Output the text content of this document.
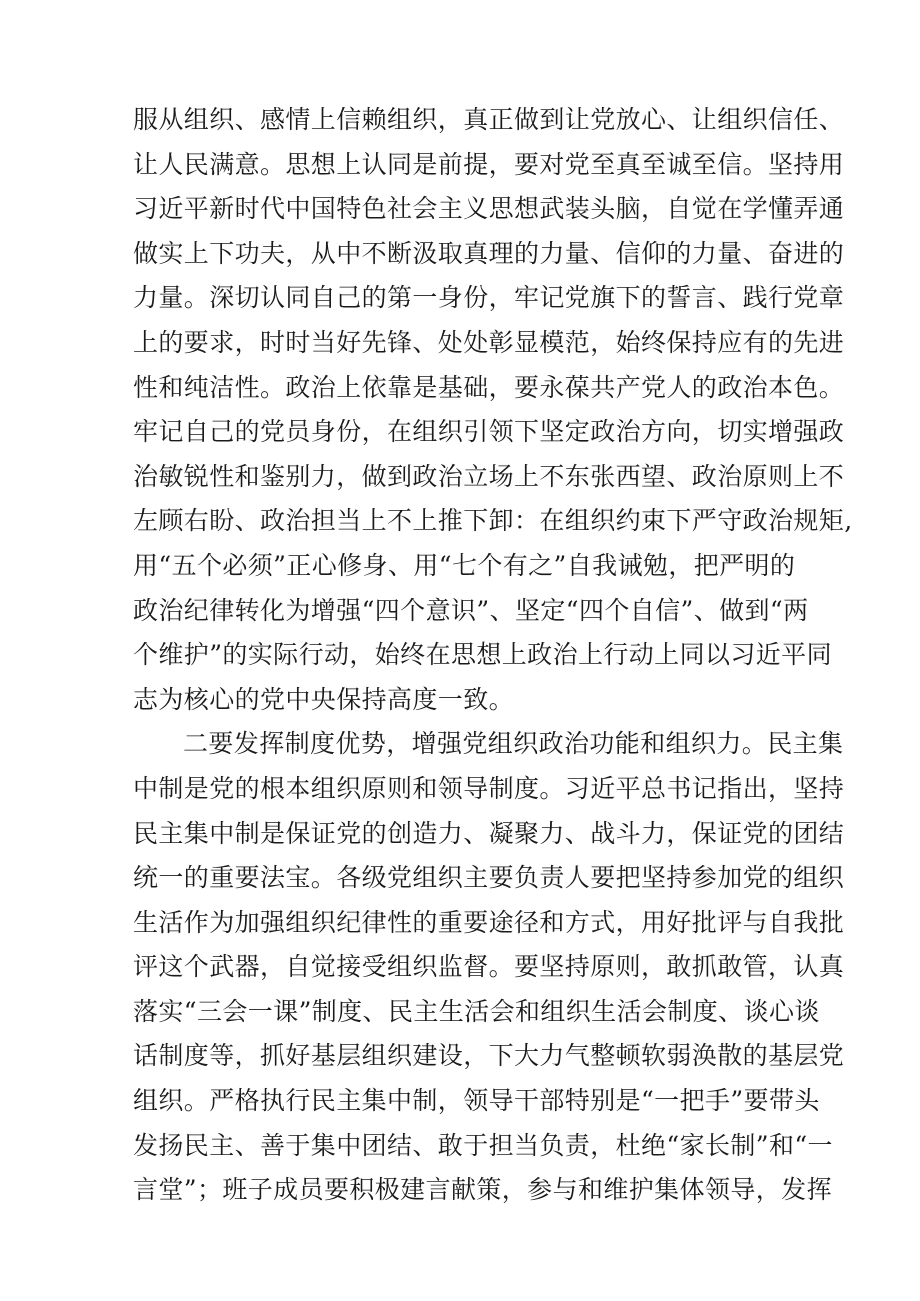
服从组织、感情上信赖组织，真正做到让党放心、让组织信任、
让人民满意。思想上认同是前提，要对党至真至诚至信。坚持用
习近平新时代中国特色社会主义思想武装头脑，自觉在学懂弄通
做实上下功夫，从中不断汲取真理的力量、信仰的力量、奋进的
力量。深切认同自己的第一身份，牢记党旗下的誓言、践行党章
上的要求，时时当好先锋、处处彰显模范，始终保持应有的先进
性和纯洁性。政治上依靠是基础，要永葆共产党人的政治本色。
牢记自己的党员身份，在组织引领下坚定政治方向，切实增强政
治敏锐性和鉴别力，做到政治立场上不东张西望、政治原则上不
左顾右盼、政治担当上不上推下卸：在组织约束下严守政治规矩,
用“五个必须”正心修身、用“七个有之”自我诫勉，把严明的
政治纪律转化为增强“四个意识”、坚定“四个自信”、做到“两
个维护”的实际行动，始终在思想上政治上行动上同以习近平同
志为核心的党中央保持高度一致。
二要发挥制度优势，增强党组织政治功能和组织力。民主集
中制是党的根本组织原则和领导制度。习近平总书记指出，坚持
民主集中制是保证党的创造力、凝聚力、战斗力，保证党的团结
统一的重要法宝。各级党组织主要负责人要把坚持参加党的组织
生活作为加强组织纪律性的重要途径和方式，用好批评与自我批
评这个武器，自觉接受组织监督。要坚持原则，敢抓敢管，认真
落实“三会一课”制度、民主生活会和组织生活会制度、谈心谈
话制度等，抓好基层组织建设，下大力气整顿软弱涣散的基层党
组织。严格执行民主集中制，领导干部特别是“一把手”要带头
发扬民主、善于集中团结、敢于担当负责，杜绝“家长制”和“一
言堂”；班子成员要积极建言献策，参与和维护集体领导，发挥
